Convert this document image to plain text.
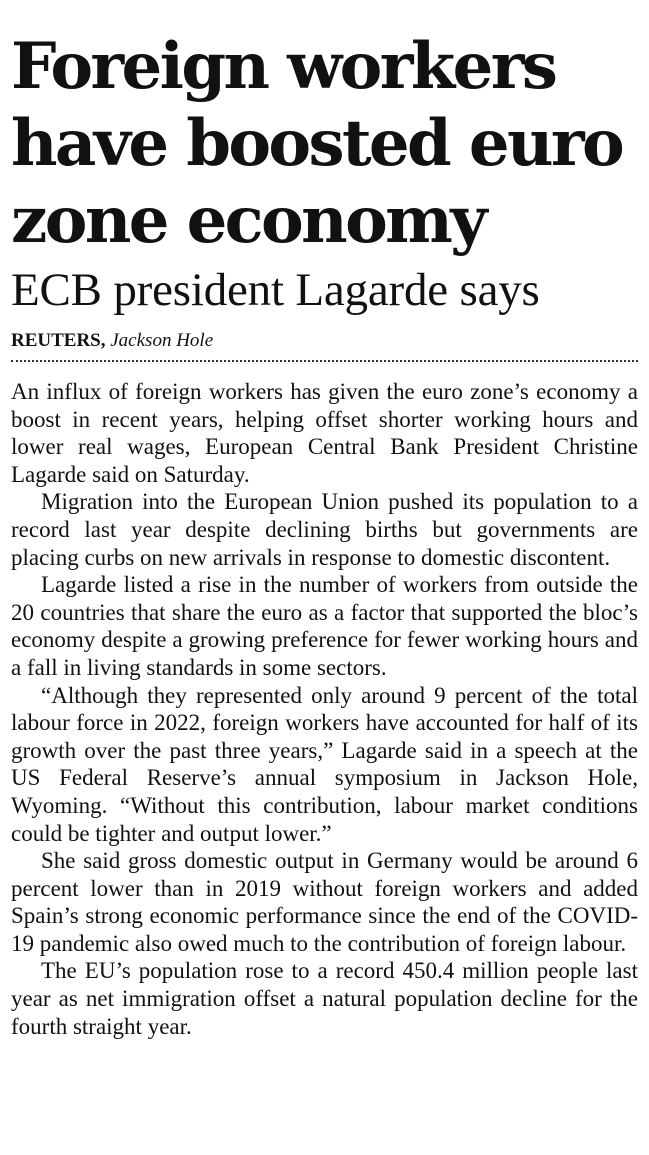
Foreign workers have boosted euro zone economy
ECB president Lagarde says
REUTERS, Jackson Hole

An influx of foreign workers has given the euro zone’s economy a boost in recent years, helping offset shorter working hours and lower real wages, European Central Bank President Christine Lagarde said on Saturday.

Migration into the European Union pushed its population to a record last year despite declining births but governments are placing curbs on new arrivals in response to domestic discontent.

Lagarde listed a rise in the number of workers from outside the 20 countries that share the euro as a factor that supported the bloc’s economy despite a growing preference for fewer working hours and a fall in living standards in some sectors.

“Although they represented only around 9 percent of the total labour force in 2022, foreign workers have accounted for half of its growth over the past three years,” Lagarde said in a speech at the US Federal Reserve’s annual symposium in Jackson Hole, Wyoming. “Without this contribution, labour market conditions could be tighter and output lower.”

She said gross domestic output in Germany would be around 6 percent lower than in 2019 without foreign workers and added Spain’s strong economic performance since the end of the COVID-19 pandemic also owed much to the contribution of foreign labour.

The EU’s population rose to a record 450.4 million people last year as net immigration offset a natural population decline for the fourth straight year.
